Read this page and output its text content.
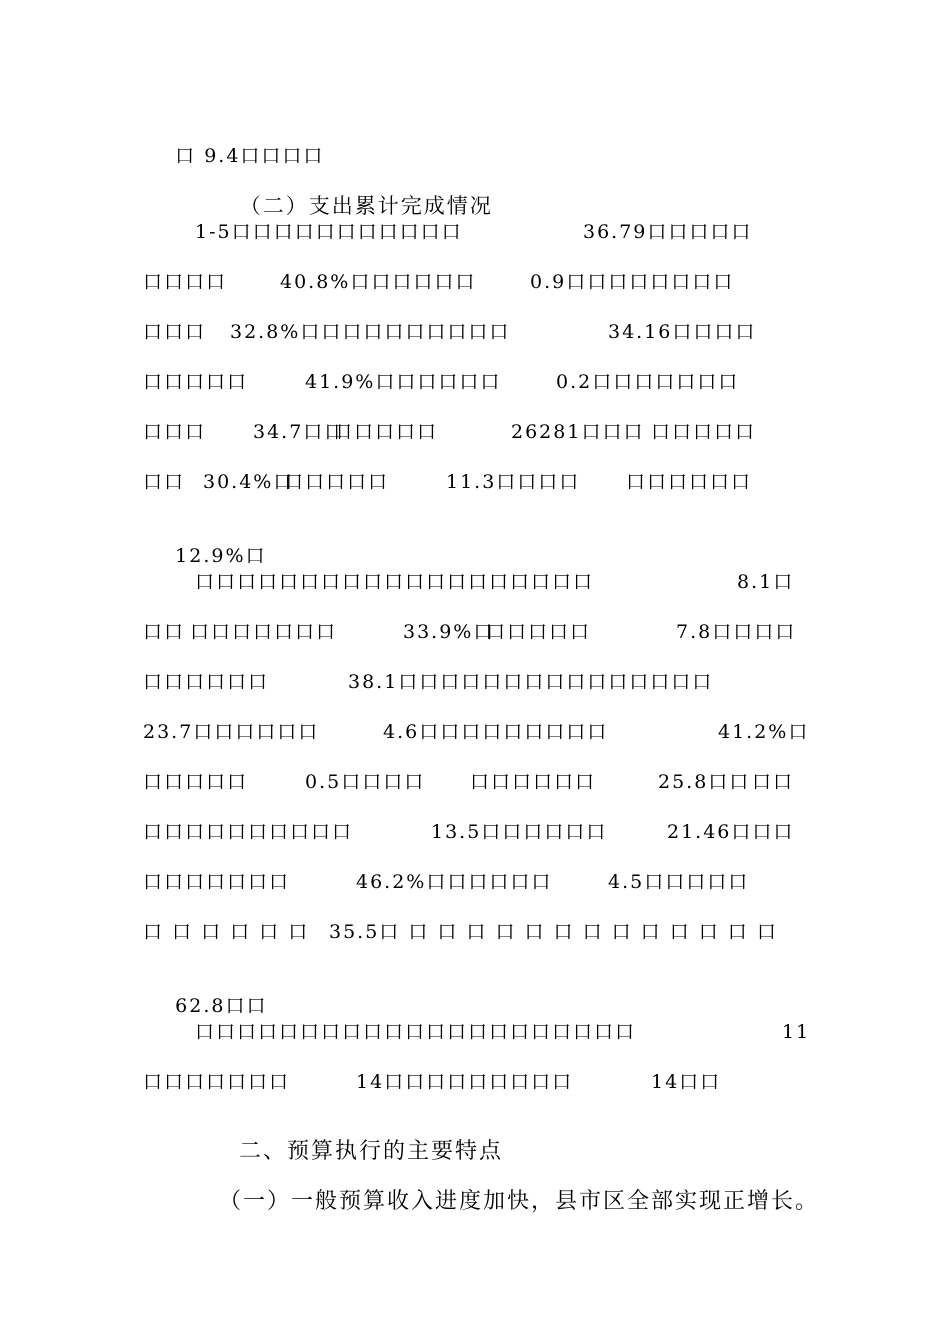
口 9.4口口口口

（二）支出累计完成情况

1-5口口口口口口口口口口口	36.79口口口口口
口口口口	40.8%口口口口口口	0.9口口口口口口口口
口口口 32.8%口口口口口口口口口口	34.16口口口口
口口口口口	41.9%口口口口口口	0.2口口口口口口口
口口口 34.7口口
口口口口口	26281口口口 口口口口口
口口 30.4%口
口口口口口	11.3口口口口 口口口口口口

12.9%口

口口口口口口口口口口口口口口口口口口口	8.1口
口口 口口口口口口口	33.9%口
口口口口口	7.8口口口口
口口口口口口	38.1口口口口口口口口口口口口口口口
23.7口口口口口口	4.6口口口口口口口口口	41.2%口
口口口口口	0.5口口口口 口口口口口口	25.8口口 口口
口口口口口口口口口口	13.5口口口口口口	21.46口口口
口口口口口口口	46.2%口口口口口口	4.5口口口口口
口 口 口 口 口 口 35.5口 口 口 口 口 口 口 口 口 口 口 口 口 口

62.8口口

口口口口口口口口口口口口口口口口口口口口口	11
口口口口口口口	14口口口口口口口口口	14口口

二、预算执行的主要特点

（一）一般预算收入进度加快，县市区全部实现正增长。
